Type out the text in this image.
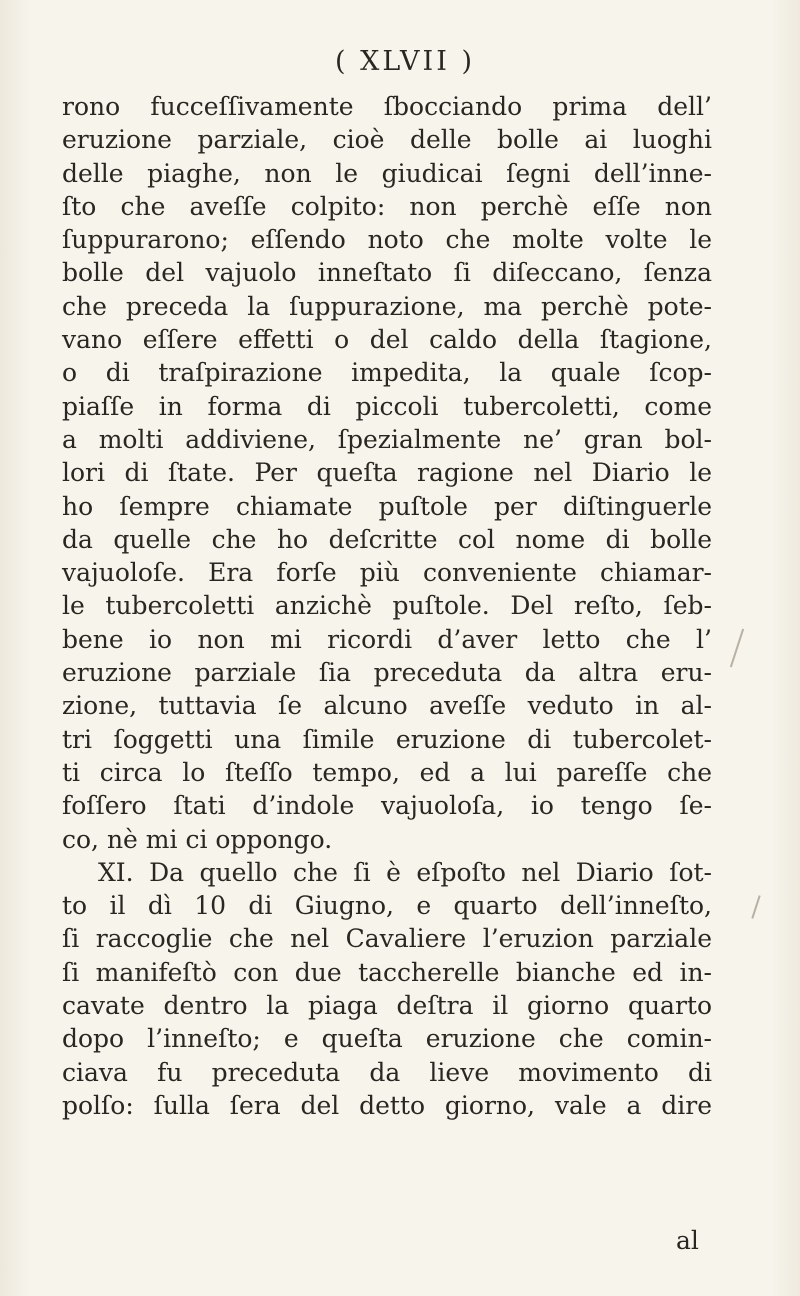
( XLVII )
rono fucceſſivamente ſbocciando prima dell’
eruzione parziale, cioè delle bolle ai luoghi
delle piaghe, non le giudicai ſegni dell’inne-
ſto che aveſſe colpito: non perchè eſſe non
ſuppurarono; eſſendo noto che molte volte le
bolle del vajuolo inneſtato ſi diſeccano, ſenza
che preceda la ſuppurazione, ma perchè pote-
vano eſſere effetti o del caldo della ſtagione,
o di traſpirazione impedita, la quale ſcop-
piaſſe in forma di piccoli tubercoletti, come
a molti addiviene, ſpezialmente ne’ gran bol-
lori di ſtate. Per queſta ragione nel Diario le
ho ſempre chiamate puſtole per diſtinguerle
da quelle che ho deſcritte col nome di bolle
vajuoloſe. Era forſe più conveniente chiamar-
le tubercoletti anzichè puſtole. Del reſto, ſeb-
bene io non mi ricordi d’aver letto che l’
eruzione parziale ſia preceduta da altra eru-
zione, tuttavia ſe alcuno aveſſe veduto in al-
tri ſoggetti una ſimile eruzione di tubercolet-
ti circa lo ſteſſo tempo, ed a lui pareſſe che
foſſero ſtati d’indole vajuoloſa, io tengo ſe-
co, nè mi ci oppongo.
XI. Da quello che ſi è eſpoſto nel Diario ſot-
to il dì 10 di Giugno, e quarto dell’inneſto,
ſi raccoglie che nel Cavaliere l’eruzion parziale
ſi manifeſtò con due taccherelle bianche ed in-
cavate dentro la piaga deſtra il giorno quarto
dopo l’inneſto; e queſta eruzione che comin-
ciava fu preceduta da lieve movimento di
polſo: ſulla ſera del detto giorno, vale a dire
al
